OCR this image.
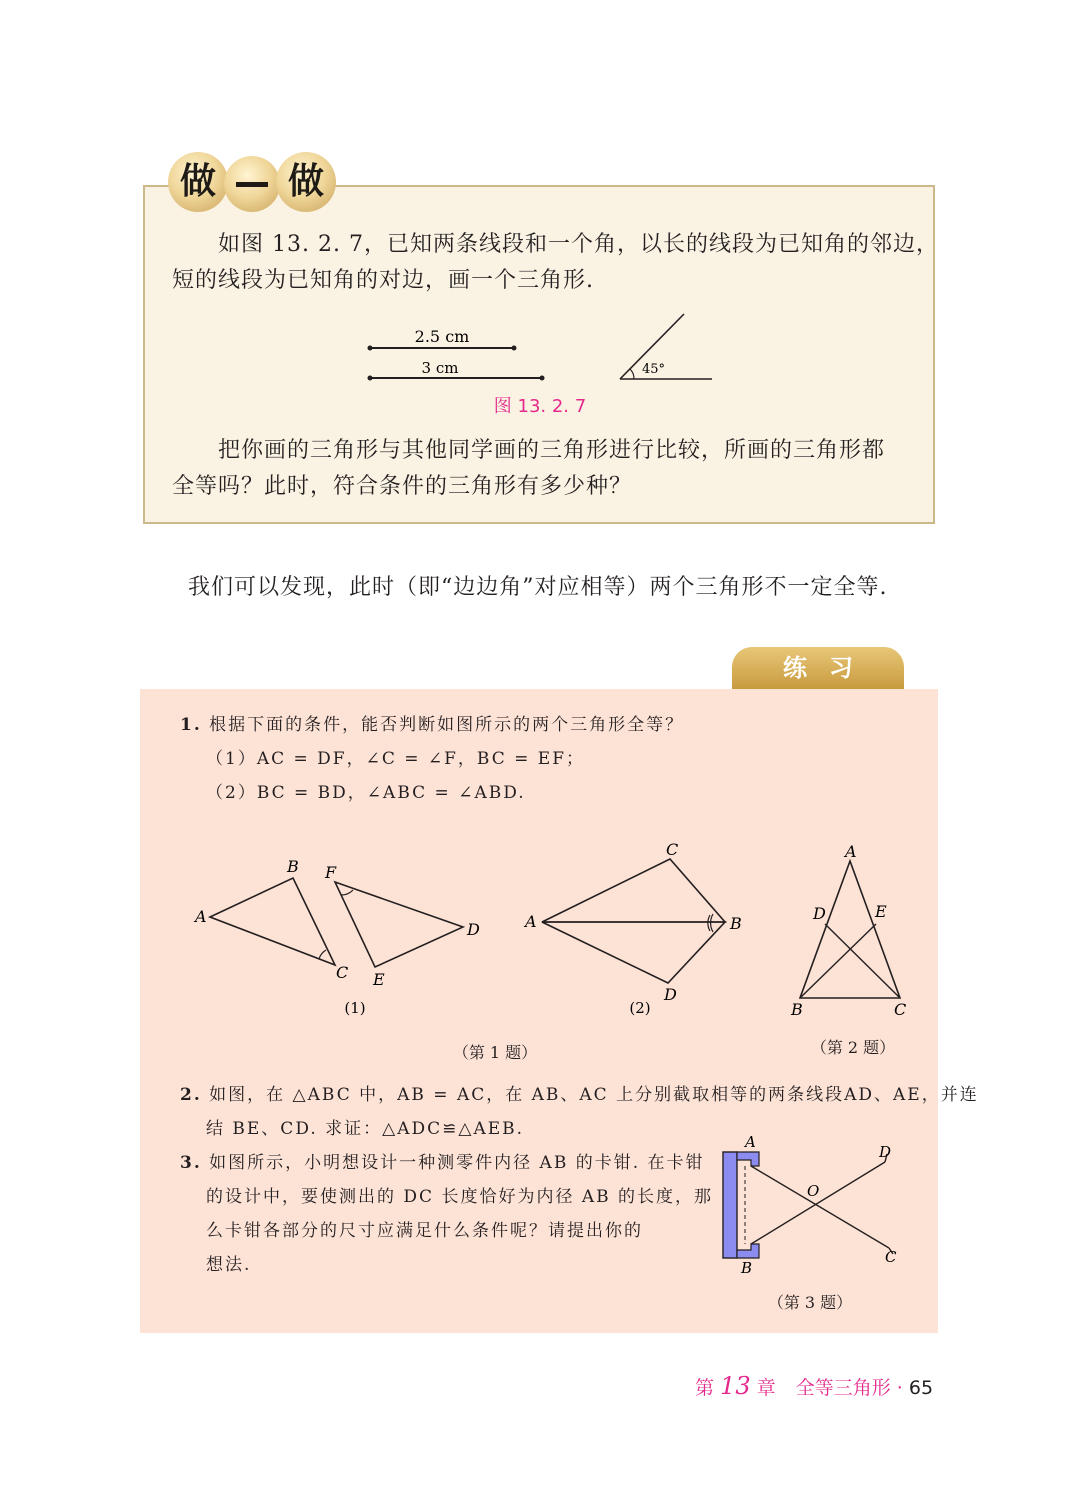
做	做
如图 13. 2. 7，已知两条线段和一个角，以长的线段为已知角的邻边，
短的线段为已知角的对边，画一个三角形.
2.5 cm
3 cm	45°
图 13. 2. 7
把你画的三角形与其他同学画的三角形进行比较，所画的三角形都
全等吗？此时，符合条件的三角形有多少种？
我们可以发现，此时（即“边边角”对应相等）两个三角形不一定全等.
练习
1. 根据下面的条件，能否判断如图所示的两个三角形全等？
（1）AC = DF，∠C = ∠F，BC = EF；
（2）BC = BD，∠ABC = ∠ABD.
A
B
C
F
E
D
(1)
A
C
B
D
(2)
（第 1 题）
A
D	E
B	C
（第 2 题）
2. 如图，在 △ABC 中，AB = AC，在 AB、AC 上分别截取相等的两条线段AD、AE，并连
结 BE、CD. 求证：△ADC≌△AEB.
3. 如图所示，小明想设计一种测零件内径 AB 的卡钳. 在卡钳
的设计中，要使测出的 DC 长度恰好为内径 AB 的长度，那
么卡钳各部分的尺寸应满足什么条件呢？请提出你的
想法.
A
B
D
C
O
（第 3 题）
第 13 章 全等三角形 · 65
